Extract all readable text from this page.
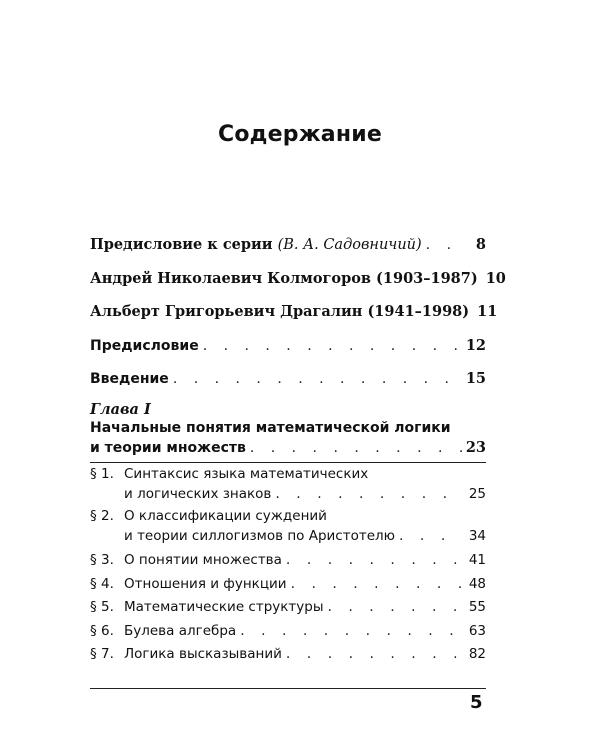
Содержание
Предисловие к серии (В. А. Садовничий) . . .	8
Андрей Николаевич Колмогоров (1903–1987) 10
Альберт Григорьевич Драгалин (1941–1998) 11
Предисловие . . .	12
Введение . . .	15
Глава I
Начальные понятия математической логики
и теории множеств . . .	23
§ 1. Синтаксис языка математических
и логических знаков . . .	25
§ 2. О классификации суждений
и теории силлогизмов по Аристотелю . . .	34
§ 3. О понятии множества . . .	41
§ 4. Отношения и функции . . .	48
§ 5. Математические структуры . . .	55
§ 6. Булева алгебра . . .	63
§ 7. Логика высказываний . . .	82
5
